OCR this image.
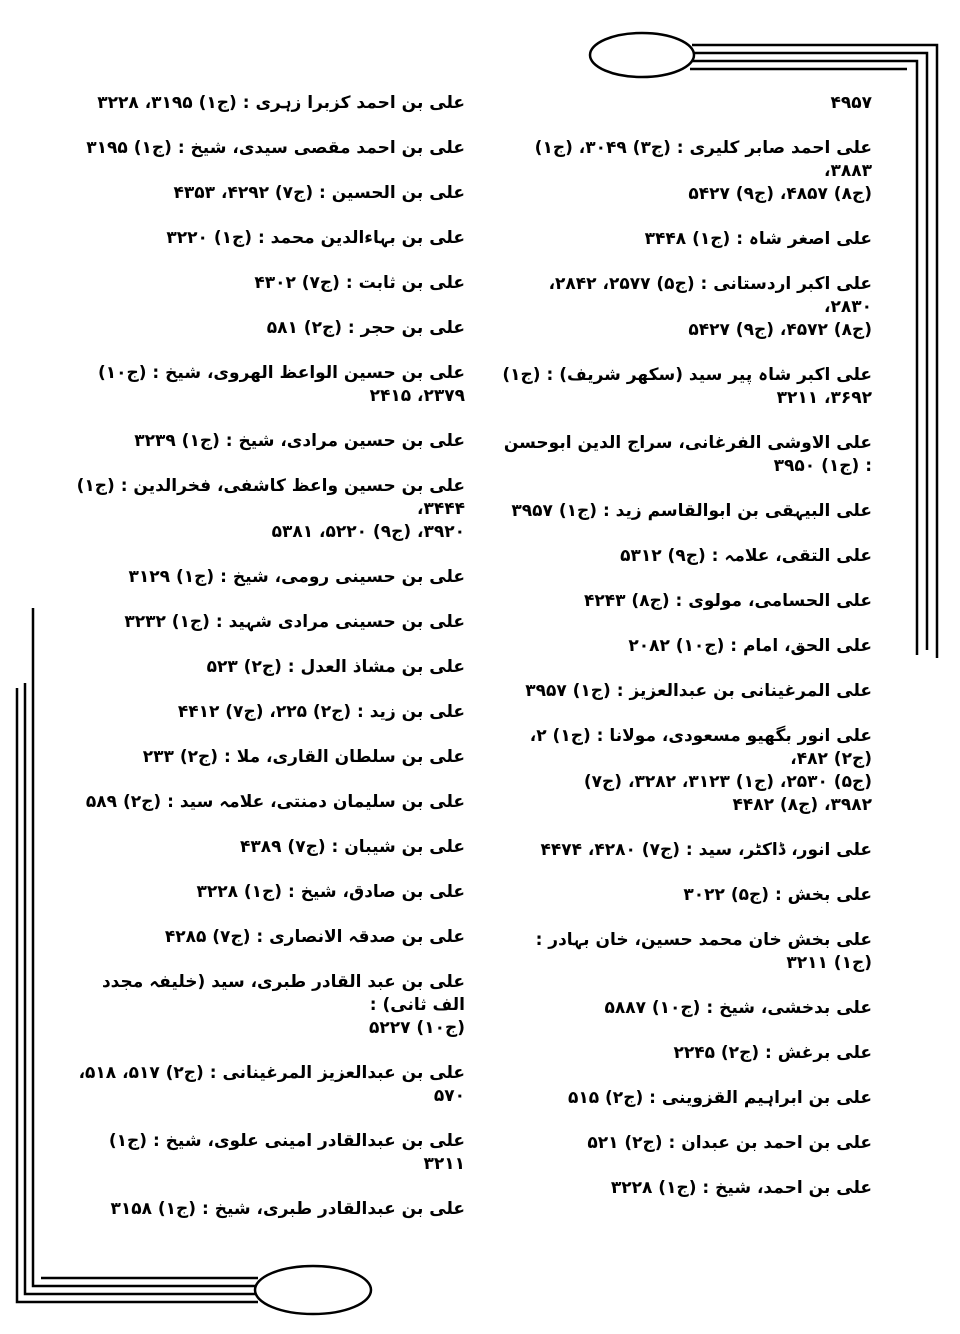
۴۹۵۷
علی احمد صابر کلیری : (ج۳) ۳۰۴۹، (ج۱) ۳۸۸۳،
(ج۸) ۴۸۵۷، (ج۹) ۵۴۲۷
علی اصغر شاہ : (ج۱) ۳۴۴۸
علی اکبر اردستانی : (ج۵) ۲۵۷۷، ۲۸۴۲، ۲۸۳۰،
(ج۸) ۴۵۷۲، (ج۹) ۵۴۲۷
علی اکبر شاہ پیر سید (سکھر شریف) : (ج۱) ۳۶۹۲، ۳۲۱۱
علی الاوشی الفرغانی، سراج الدین ابوحسن : (ج۱) ۳۹۵۰
علی البیہقی بن ابوالقاسم زید : (ج۱) ۳۹۵۷
علی التقی، علامہ : (ج۹) ۵۳۱۲
علی الحسامی، مولوی : (ج۸) ۴۲۴۳
علی الحق، امام : (ج۱۰) ۲۰۸۲
علی المرغینانی بن عبدالعزیز : (ج۱) ۳۹۵۷
علی انور بگھیو مسعودی، مولانا : (ج۱) ۲، (ج۲) ۴۸۲،
(ج۵) ۲۵۳۰، (ج۱) ۳۱۲۳، ۳۲۸۲، (ج۷)
۳۹۸۲، (ج۸) ۴۴۸۲
علی انور، ڈاکٹر، سید : (ج۷) ۴۲۸۰، ۴۴۷۴
علی بخش : (ج۵) ۳۰۲۲
علی بخش خان محمد حسین، خان بہادر : (ج۱) ۳۲۱۱
علی بدخشی، شیخ : (ج۱۰) ۵۸۸۷
علی برغش : (ج۲) ۲۲۴۵
علی بن ابراہیم القزوینی : (ج۲) ۵۱۵
علی بن احمد بن عبدان : (ج۲) ۵۲۱
علی بن احمد، شیخ : (ج۱) ۳۲۲۸
علی بن احمد کزبرا زہری : (ج۱) ۳۱۹۵، ۳۲۲۸
علی بن احمد مقصی سیدی، شیخ : (ج۱) ۳۱۹۵
علی بن الحسین : (ج۷) ۴۲۹۲، ۴۳۵۳
علی بن بہاءالدین محمد : (ج۱) ۳۲۲۰
علی بن ثابت : (ج۷) ۴۳۰۲
علی بن حجر : (ج۲) ۵۸۱
علی بن حسین الواعظ الھروی، شیخ : (ج۱۰) ۲۳۷۹، ۲۴۱۵
علی بن حسین مرادی، شیخ : (ج۱) ۳۲۳۹
علی بن حسین واعظ کاشفی، فخرالدین : (ج۱) ۳۴۴۴،
۳۹۲۰، (ج۹) ۵۲۲۰، ۵۳۸۱
علی بن حسینی رومی، شیخ : (ج۱) ۳۱۲۹
علی بن حسینی مرادی شہید : (ج۱) ۳۲۳۲
علی بن مشاذ العدل : (ج۲) ۵۲۳
علی بن زید : (ج۲) ۲۲۵، (ج۷) ۴۴۱۲
علی بن سلطان القاری، ملا : (ج۲) ۲۳۳
علی بن سلیمان دمنتی، علامہ سید : (ج۲) ۵۸۹
علی بن شیبان : (ج۷) ۴۳۸۹
علی بن صادق، شیخ : (ج۱) ۳۲۲۸
علی بن صدقہ الانصاری : (ج۷) ۴۲۸۵
علی بن عبد القادر طبری، سید (خلیفہ مجدد الف ثانی) :
(ج۱۰) ۵۲۲۷
علی بن عبدالعزیز المرغینانی : (ج۲) ۵۱۷، ۵۱۸، ۵۷۰
علی بن عبدالقادر امینی علوی، شیخ : (ج۱) ۳۲۱۱
علی بن عبدالقادر طبری، شیخ : (ج۱) ۳۱۵۸
